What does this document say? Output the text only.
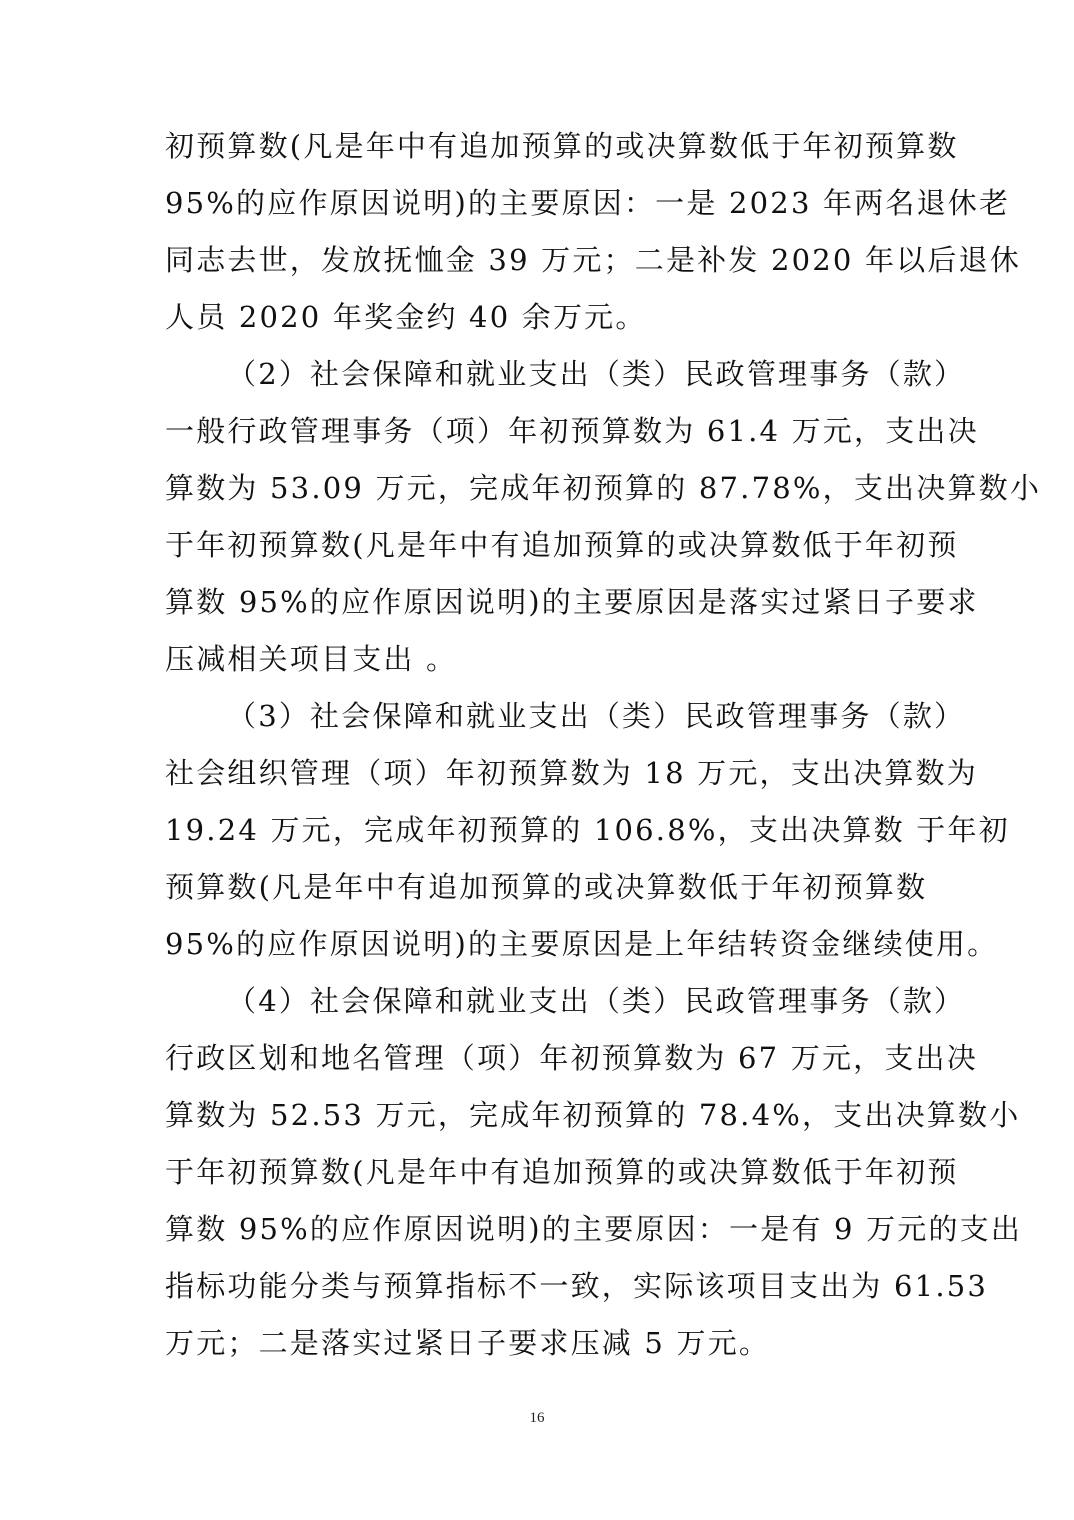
初预算数(凡是年中有追加预算的或决算数低于年初预算数
95%的应作原因说明)的主要原因：一是 2023 年两名退休老
同志去世，发放抚恤金 39 万元；二是补发 2020 年以后退休
人员 2020 年奖金约 40 余万元。
（2）社会保障和就业支出（类）民政管理事务（款）
一般行政管理事务（项）年初预算数为 61.4 万元，支出决
算数为 53.09 万元，完成年初预算的 87.78%，支出决算数小
于年初预算数(凡是年中有追加预算的或决算数低于年初预
算数 95%的应作原因说明)的主要原因是落实过紧日子要求
压减相关项目支出 。
（3）社会保障和就业支出（类）民政管理事务（款）
社会组织管理（项）年初预算数为 18 万元，支出决算数为
19.24 万元，完成年初预算的 106.8%，支出决算数 于年初
预算数(凡是年中有追加预算的或决算数低于年初预算数
95%的应作原因说明)的主要原因是上年结转资金继续使用。
（4）社会保障和就业支出（类）民政管理事务（款）
行政区划和地名管理（项）年初预算数为 67 万元，支出决
算数为 52.53 万元，完成年初预算的 78.4%，支出决算数小
于年初预算数(凡是年中有追加预算的或决算数低于年初预
算数 95%的应作原因说明)的主要原因：一是有 9 万元的支出
指标功能分类与预算指标不一致，实际该项目支出为 61.53
万元；二是落实过紧日子要求压减 5 万元。
16
